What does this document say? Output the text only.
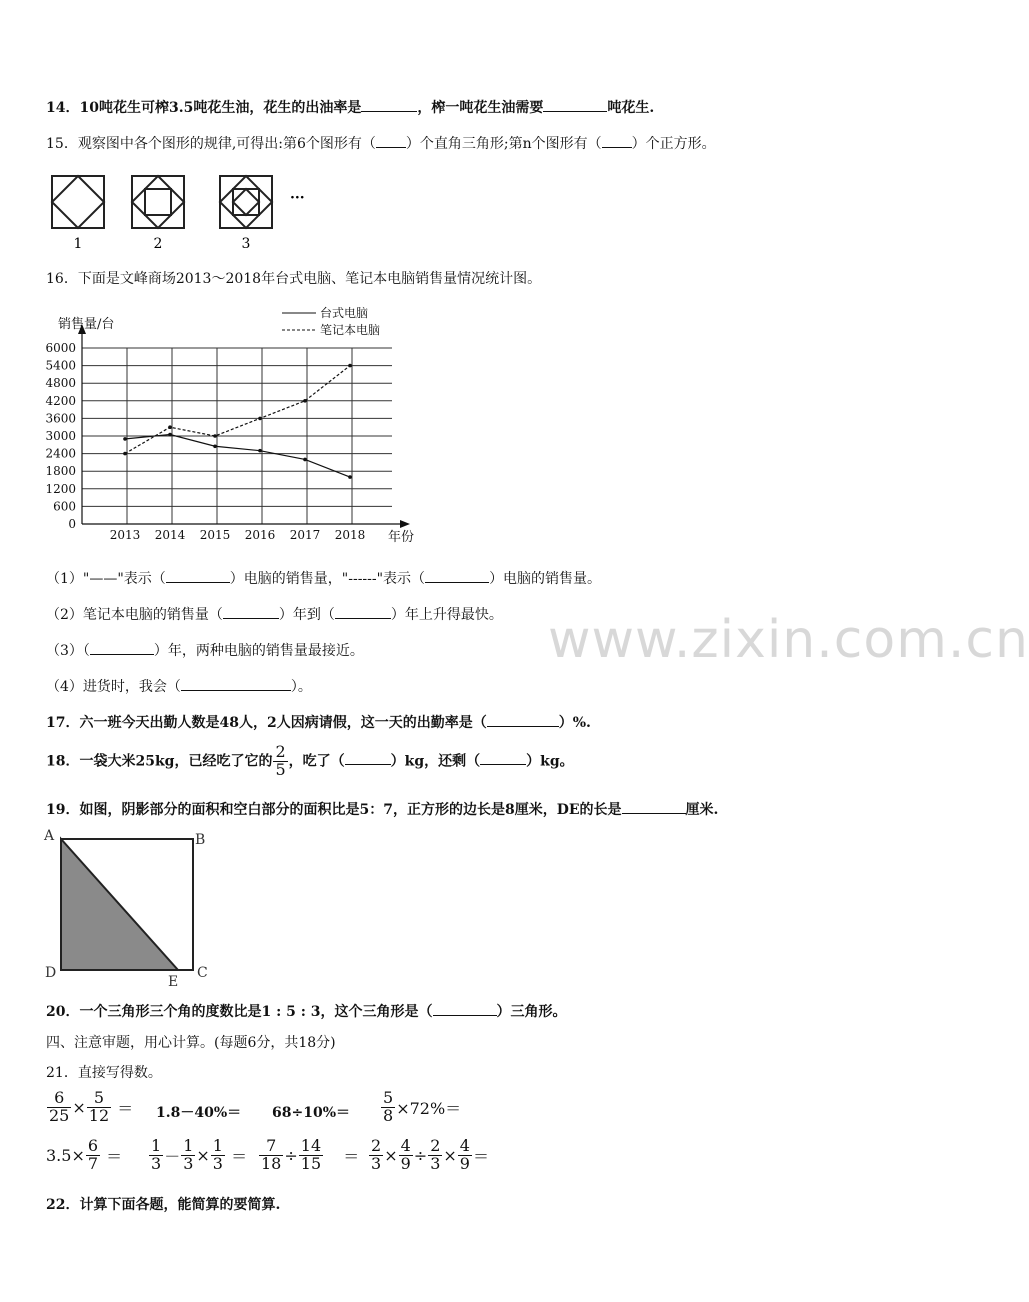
www.zixin.com.cn
14．10吨花生可榨3.5吨花生油，花生的出油率是	，榨一吨花生油需要	吨花生.
15．观察图中各个图形的规律,可得出:第6个图形有（ ）个直角三角形;第n个图形有（ ）个正方形。
1	2	3
···
16．下面是文峰商场2013～2018年台式电脑、笔记本电脑销售量情况统计图。
0
600
1200
1800
2400
3000
3600
4200
4800
5400
6000
销售量/台
年份
2013 2014 2015 2016 2017 2018
台式电脑
笔记本电脑
（1）"——"表示（	）电脑的销售量，"------"表示（	）电脑的销售量。
（2）笔记本电脑的销售量（	）年到（	）年上升得最快。
（3）（	）年，两种电脑的销售量最接近。
（4）进货时，我会（	）。
17．六一班今天出勤人数是48人，2人因病请假，这一天的出勤率是（	）%.
18．一袋大米25kg，已经吃了它的 $\frac{2}{5}$ ，吃了（	）kg，还剩（	）kg。
19．如图，阴影部分的面积和空白部分的面积比是5：7，正方形的边长是8厘米，DE的长是	厘米.
A	B
C
D
E
20．一个三角形三个角的度数比是1 : 5 : 3，这个三角形是（	）三角形。
四、注意审题，用心计算。(每题6分，共18分)
21．直接写得数。
$\frac{6}{25} \times \frac{5}{12} = 1.8-40\%= 68\div 10\%= \frac{5}{8} \times 72\%=$
$3.5\times \frac{6}{7} = \frac{1}{3} - \frac{1}{3} \times \frac{1}{3} = \frac{7}{18} \div \frac{14}{15} = \frac{2}{3} \times \frac{4}{9} \div \frac{2}{3} \times \frac{4}{9}$ ＝
22．计算下面各题，能简算的要简算.
